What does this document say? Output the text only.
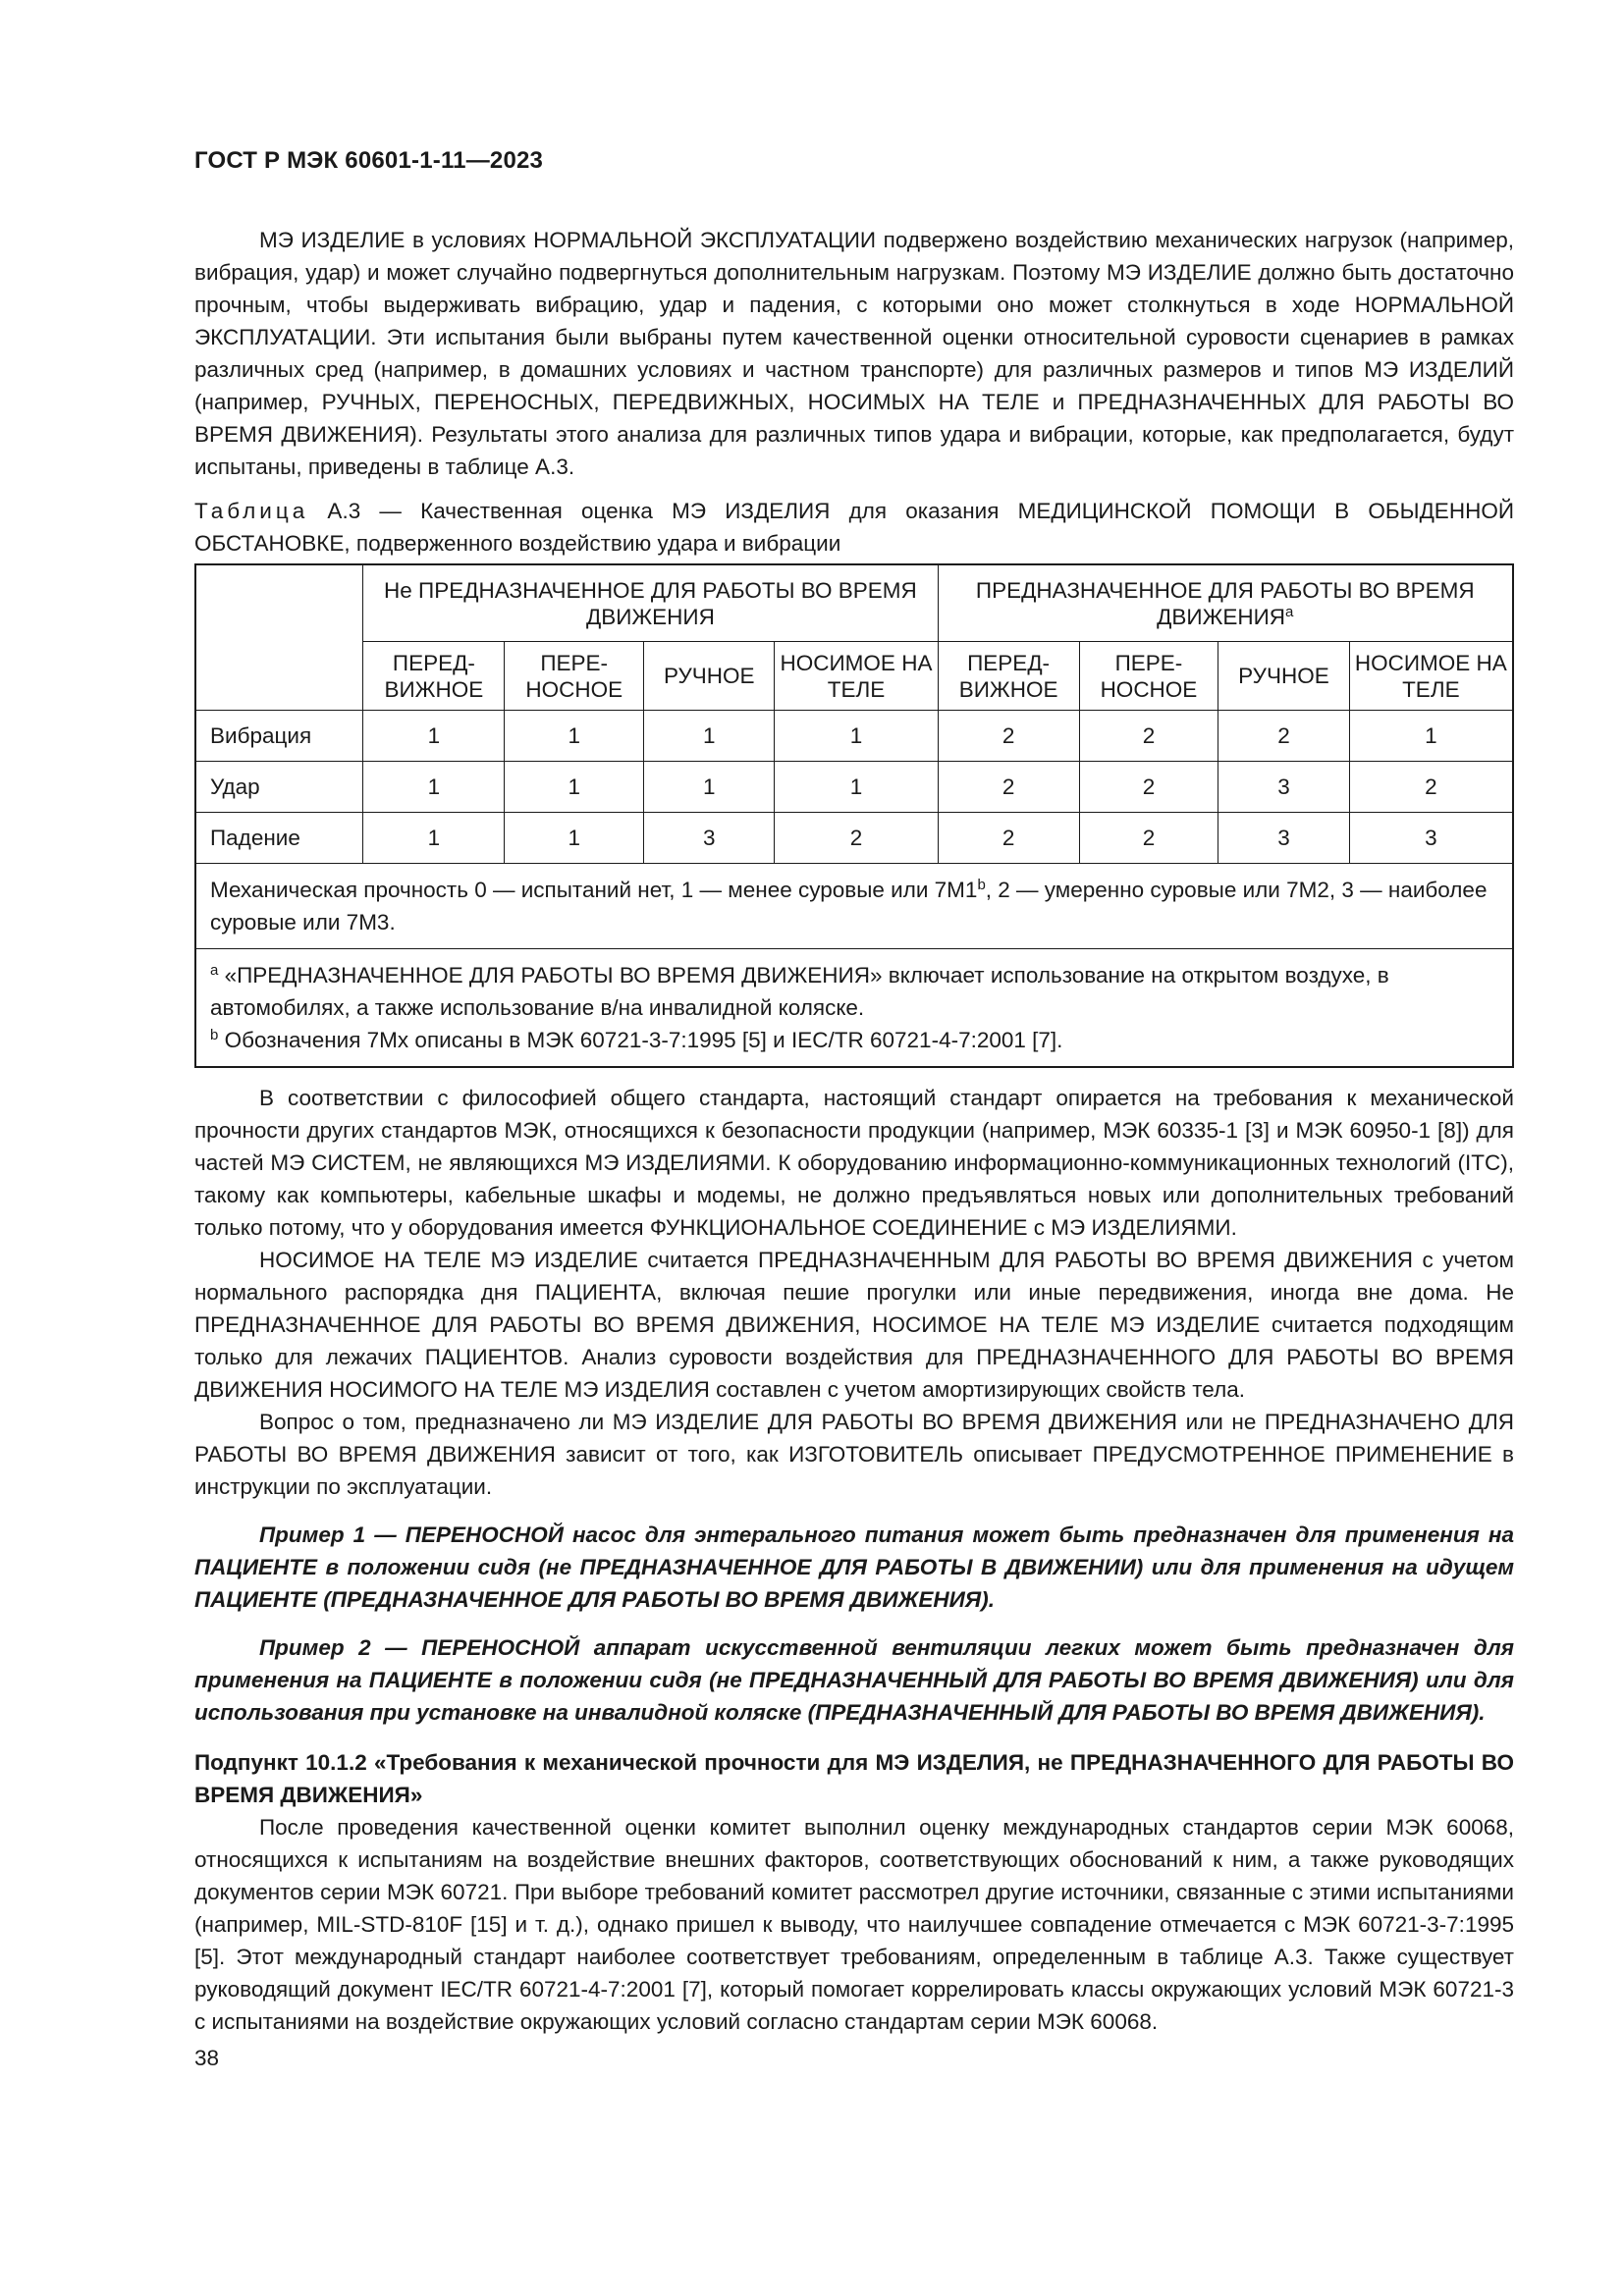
ГОСТ Р МЭК 60601-1-11—2023

МЭ ИЗДЕЛИЕ в условиях НОРМАЛЬНОЙ ЭКСПЛУАТАЦИИ подвержено воздействию механических нагрузок (например, вибрация, удар) и может случайно подвергнуться дополнительным нагрузкам. Поэтому МЭ ИЗДЕЛИЕ должно быть достаточно прочным, чтобы выдерживать вибрацию, удар и падения, с которыми оно может столкнуться в ходе НОРМАЛЬНОЙ ЭКСПЛУАТАЦИИ. Эти испытания были выбраны путем качественной оценки относительной суровости сценариев в рамках различных сред (например, в домашних условиях и частном транспорте) для различных размеров и типов МЭ ИЗДЕЛИЙ (например, РУЧНЫХ, ПЕРЕНОСНЫХ, ПЕРЕДВИЖНЫХ, НОСИМЫХ НА ТЕЛЕ и ПРЕДНАЗНАЧЕННЫХ ДЛЯ РАБОТЫ ВО ВРЕМЯ ДВИЖЕНИЯ). Результаты этого анализа для различных типов удара и вибрации, которые, как предполагается, будут испытаны, приведены в таблице А.3.

Таблица А.3 — Качественная оценка МЭ ИЗДЕЛИЯ для оказания МЕДИЦИНСКОЙ ПОМОЩИ В ОБЫДЕННОЙ ОБСТАНОВКЕ, подверженного воздействию удара и вибрации

	Не ПРЕДНАЗНАЧЕННОЕ ДЛЯ РАБОТЫ ВО ВРЕМЯ ДВИЖЕНИЯ				ПРЕДНАЗНАЧЕННОЕ ДЛЯ РАБОТЫ ВО ВРЕМЯ ДВИЖЕНИЯ$^a$
	ПЕРЕД-ВИЖНОЕ	ПЕРЕ-НОСНОЕ	РУЧНОЕ	НОСИМОЕ НА ТЕЛЕ	ПЕРЕД-ВИЖНОЕ	ПЕРЕ-НОСНОЕ	РУЧНОЕ	НОСИМОЕ НА ТЕЛЕ
Вибрация	1	1	1	1	2	2	2	1
Удар	1	1	1	1	2	2	3	2
Падение	1	1	3	2	2	2	3	3
Механическая прочность 0 — испытаний нет, 1 — менее суровые или 7M1$^b$, 2 — умеренно суровые или 7M2, 3 — наиболее суровые или 7M3.								

$^a$ «ПРЕДНАЗНАЧЕННОЕ ДЛЯ РАБОТЫ ВО ВРЕМЯ ДВИЖЕНИЯ» включает использование на открытом воздухе, в автомобилях, а также использование в/на инвалидной коляске.
$^b$ Обозначения 7Mx описаны в МЭК 60721-3-7:1995 [5] и IEC/TR 60721-4-7:2001 [7].								

В соответствии с философией общего стандарта, настоящий стандарт опирается на требования к механической прочности других стандартов МЭК, относящихся к безопасности продукции (например, МЭК 60335-1 [3] и МЭК 60950-1 [8]) для частей МЭ СИСТЕМ, не являющихся МЭ ИЗДЕЛИЯМИ. К оборудованию информационно-коммуникационных технологий (ITC), такому как компьютеры, кабельные шкафы и модемы, не должно предъявляться новых или дополнительных требований только потому, что у оборудования имеется ФУНКЦИОНАЛЬНОЕ СОЕДИНЕНИЕ с МЭ ИЗДЕЛИЯМИ.

НОСИМОЕ НА ТЕЛЕ МЭ ИЗДЕЛИЕ считается ПРЕДНАЗНАЧЕННЫМ ДЛЯ РАБОТЫ ВО ВРЕМЯ ДВИЖЕНИЯ с учетом нормального распорядка дня ПАЦИЕНТА, включая пешие прогулки или иные передвижения, иногда вне дома. Не ПРЕДНАЗНАЧЕННОЕ ДЛЯ РАБОТЫ ВО ВРЕМЯ ДВИЖЕНИЯ, НОСИМОЕ НА ТЕЛЕ МЭ ИЗДЕЛИЕ считается подходящим только для лежачих ПАЦИЕНТОВ. Анализ суровости воздействия для ПРЕДНАЗНАЧЕННОГО ДЛЯ РАБОТЫ ВО ВРЕМЯ ДВИЖЕНИЯ НОСИМОГО НА ТЕЛЕ МЭ ИЗДЕЛИЯ составлен с учетом амортизирующих свойств тела.

Вопрос о том, предназначено ли МЭ ИЗДЕЛИЕ ДЛЯ РАБОТЫ ВО ВРЕМЯ ДВИЖЕНИЯ или не ПРЕДНАЗНАЧЕНО ДЛЯ РАБОТЫ ВО ВРЕМЯ ДВИЖЕНИЯ зависит от того, как ИЗГОТОВИТЕЛЬ описывает ПРЕДУСМОТРЕННОЕ ПРИМЕНЕНИЕ в инструкции по эксплуатации.

Пример 1 — ПЕРЕНОСНОЙ насос для энтерального питания может быть предназначен для применения на ПАЦИЕНТЕ в положении сидя (не ПРЕДНАЗНАЧЕННОЕ ДЛЯ РАБОТЫ В ДВИЖЕНИИ) или для применения на идущем ПАЦИЕНТЕ (ПРЕДНАЗНАЧЕННОЕ ДЛЯ РАБОТЫ ВО ВРЕМЯ ДВИЖЕНИЯ).

Пример 2 — ПЕРЕНОСНОЙ аппарат искусственной вентиляции легких может быть предназначен для применения на ПАЦИЕНТЕ в положении сидя (не ПРЕДНАЗНАЧЕННЫЙ ДЛЯ РАБОТЫ ВО ВРЕМЯ ДВИЖЕНИЯ) или для использования при установке на инвалидной коляске (ПРЕДНАЗНАЧЕННЫЙ ДЛЯ РАБОТЫ ВО ВРЕМЯ ДВИЖЕНИЯ).

Подпункт 10.1.2 «Требования к механической прочности для МЭ ИЗДЕЛИЯ, не ПРЕДНАЗНАЧЕННОГО ДЛЯ РАБОТЫ ВО ВРЕМЯ ДВИЖЕНИЯ»

После проведения качественной оценки комитет выполнил оценку международных стандартов серии МЭК 60068, относящихся к испытаниям на воздействие внешних факторов, соответствующих обоснований к ним, а также руководящих документов серии МЭК 60721. При выборе требований комитет рассмотрел другие источники, связанные с этими испытаниями (например, MIL-STD-810F [15] и т. д.), однако пришел к выводу, что наилучшее совпадение отмечается с МЭК 60721-3-7:1995 [5]. Этот международный стандарт наиболее соответствует требованиям, определенным в таблице А.3. Также существует руководящий документ IEC/TR 60721-4-7:2001 [7], который помогает коррелировать классы окружающих условий МЭК 60721-3 с испытаниями на воздействие окружающих условий согласно стандартам серии МЭК 60068.

38
